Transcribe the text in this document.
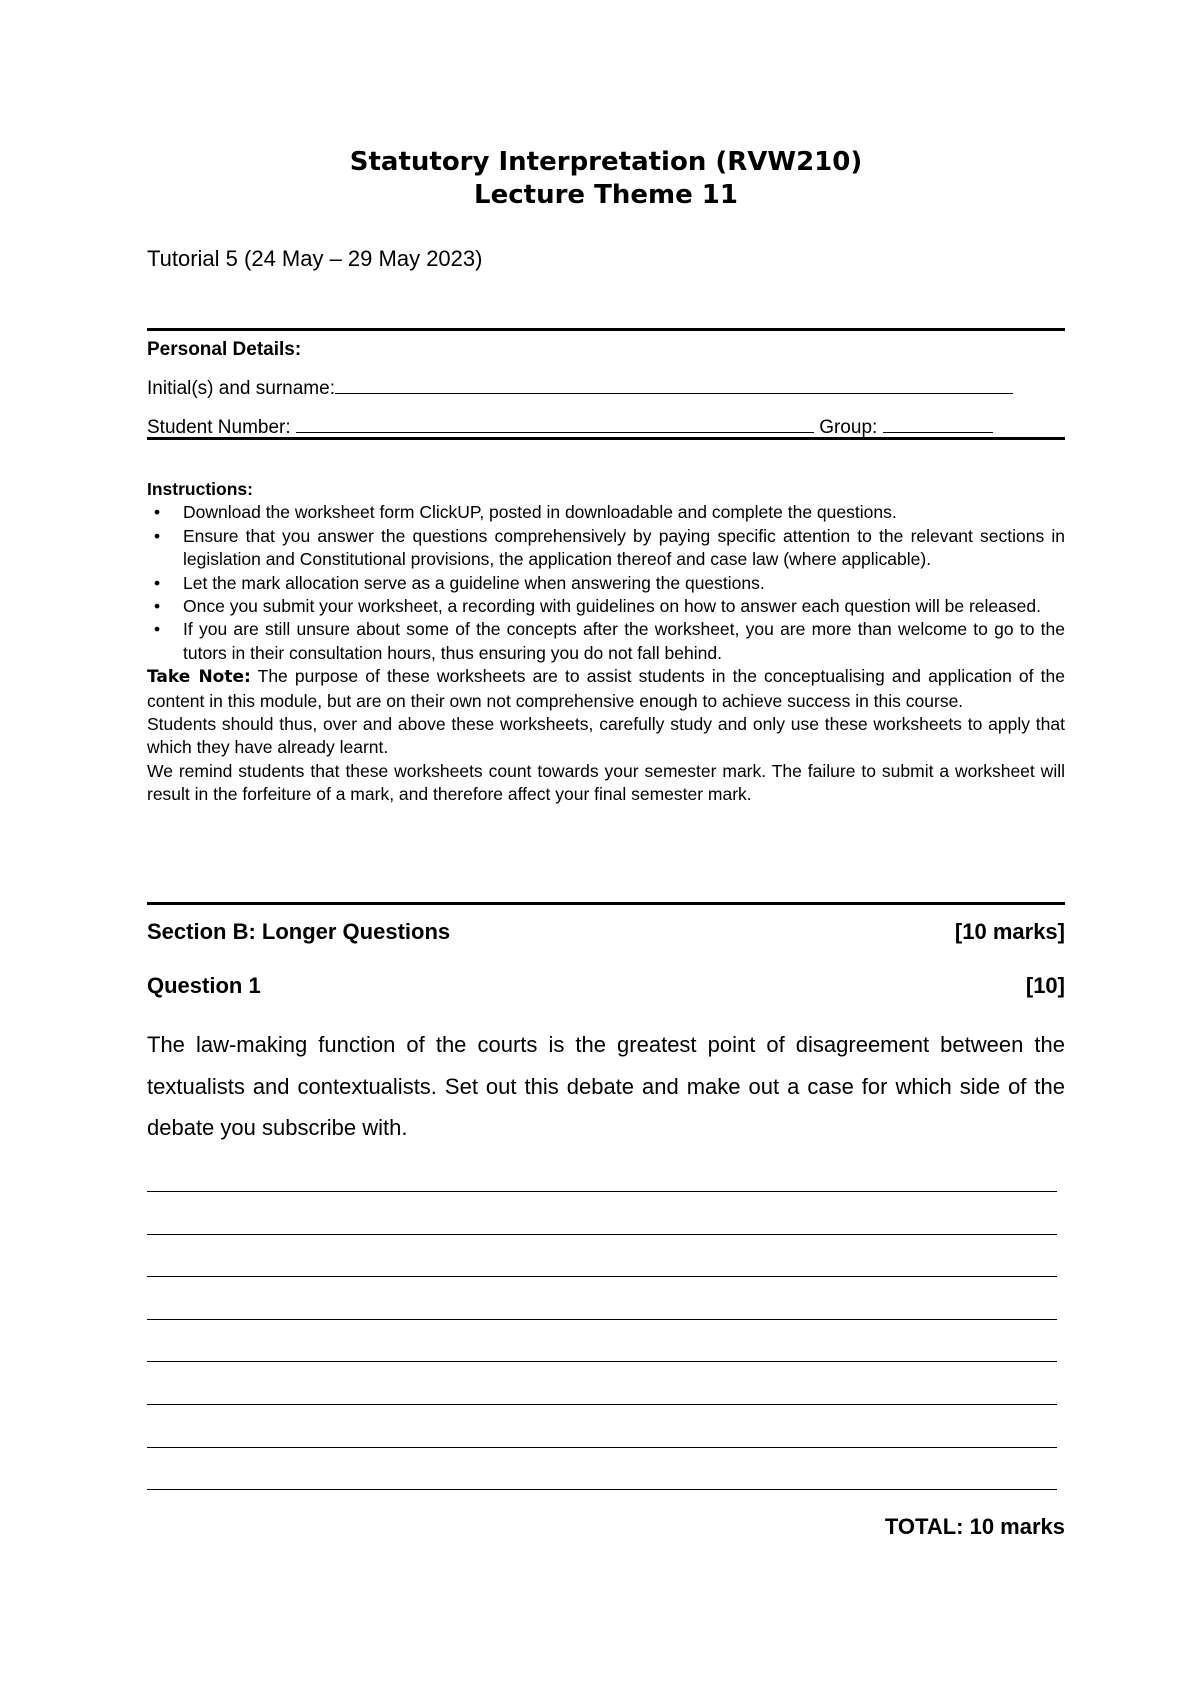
Statutory Interpretation (RVW210)
Lecture Theme 11
Tutorial 5 (24 May – 29 May 2023)
Personal Details:
Initial(s) and surname:
Student Number:	Group:
Instructions:
• Download the worksheet form ClickUP, posted in downloadable and complete the questions.
• Ensure that you answer the questions comprehensively by paying specific attention to the relevant sections in legislation and Constitutional provisions, the application thereof and case law (where applicable).
• Let the mark allocation serve as a guideline when answering the questions.
• Once you submit your worksheet, a recording with guidelines on how to answer each question will be released.
• If you are still unsure about some of the concepts after the worksheet, you are more than welcome to go to the tutors in their consultation hours, thus ensuring you do not fall behind.

Take Note: The purpose of these worksheets are to assist students in the conceptualising and application of the content in this module, but are on their own not comprehensive enough to achieve success in this course.

Students should thus, over and above these worksheets, carefully study and only use these worksheets to apply that which they have already learnt.

We remind students that these worksheets count towards your semester mark. The failure to submit a worksheet will result in the forfeiture of a mark, and therefore affect your final semester mark.

Section B: Longer Questions	[10 marks]
Question 1	[10]
The law-making function of the courts is the greatest point of disagreement between the textualists and contextualists. Set out this debate and make out a case for which side of the debate you subscribe with.
TOTAL: 10 marks
